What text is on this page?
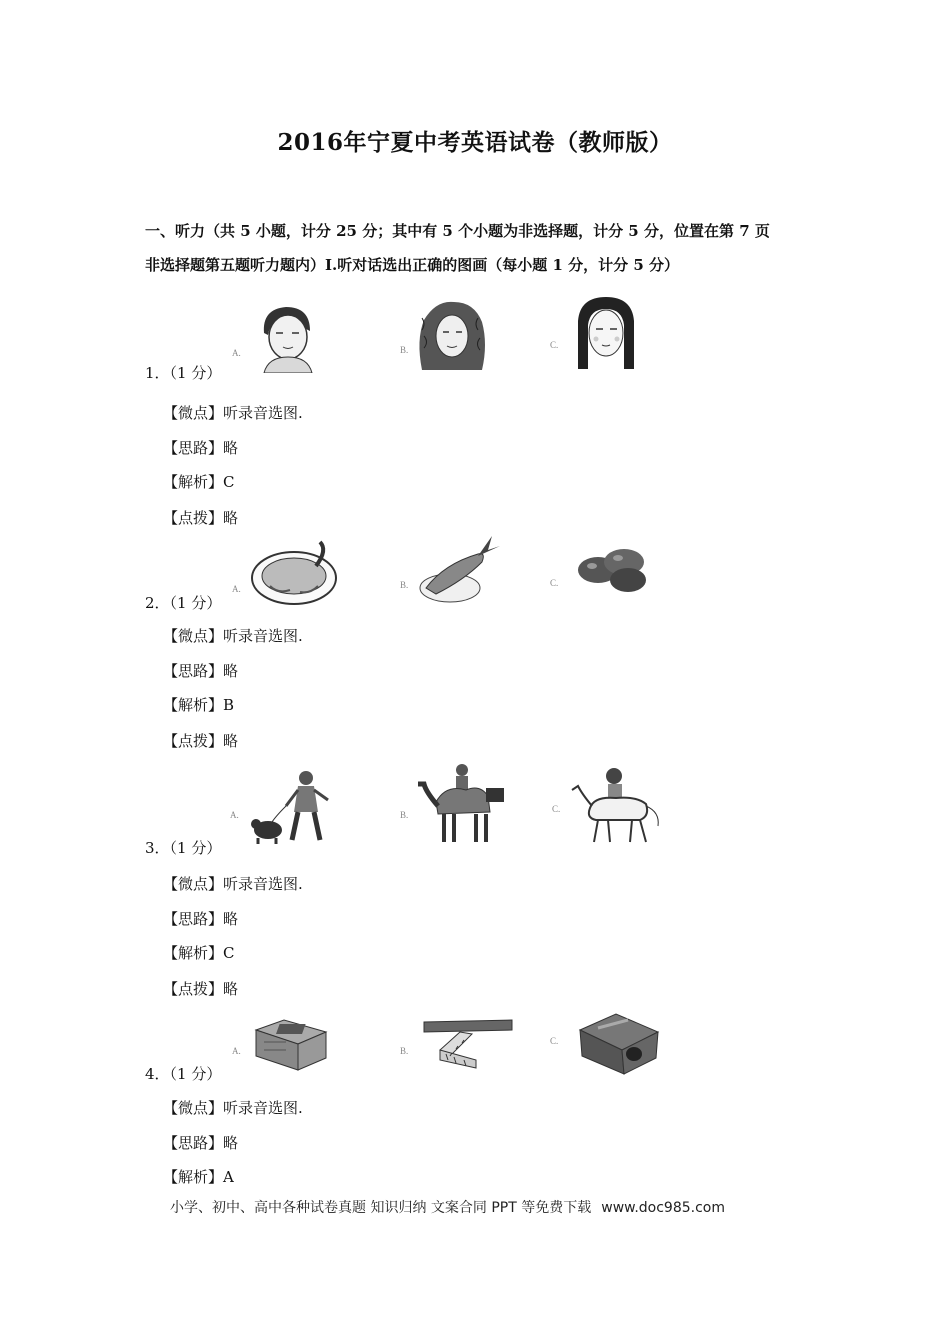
2016年宁夏中考英语试卷（教师版）
一、听力（共 5 小题，计分 25 分；其中有 5 个小题为非选择题，计分 5 分，位置在第 7 页
非选择题第五题听力题内）Ⅰ.听对话选出正确的图画（每小题 1 分，计分 5 分）
A.	B.	C.
1．（1 分）
【微点】听录音选图.
【思路】略
【解析】C
【点拨】略
A.	B.	C.
2．（1 分）
【微点】听录音选图.
【思路】略
【解析】B
【点拨】略
A.	B.
C.
3．（1 分）
【微点】听录音选图.
【思路】略
【解析】C
【点拨】略
A.	B.
C.
4．（1 分）
【微点】听录音选图.
【思路】略
【解析】A
小学、初中、高中各种试卷真题 知识归纳 文案合同 PPT 等免费下载 www.doc985.com
